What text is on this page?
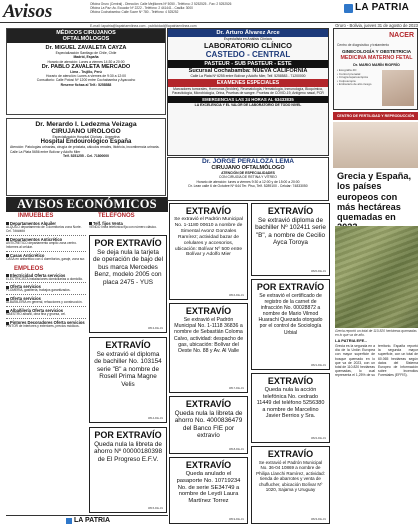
Avisos	Oficina Oruro (Central) - Dirección: Calle Mejillones Nº 5050 - Teléfono: 2 5252525 - Fax: 2 5252526
Oficina La Paz: Av. Ecuador Nº 2222 - Teléfono: 2 441441 - Casilla: 3000
Oficina Cochabamba: Calle Sucre Nº 780 - Teléfono: 4 525252	LA PATRIA
E-mail: lapatria@lapatriaenlinea.com - publicidad@lapatriaenlinea.com	Oruro - Bolivia, jueves 31 de agosto de 2023
MÉDICOS CIRUJANOS
OFTALMÓLOGOS
Dr. MIGUEL ZAVALETA CAYZA
Especialización Santiago de Chile, Chile
Madrid, España
Horario de atención: Lunes a viernes 14:30 a 20:00
Dr. PABLO ZAVALETA MERCADO
Lima - Trujillo, Perú
Horario de atención: Lunes a viernes de 9:30 a 12:00
Consultorio: Calle Potosí Nº 1200 entre Cochabamba y Ayacucho
Reserve fichas al Telf.: 5258588
Dr. Merardo I. Ledezma Veizaga
CIRUJANO UROLOGO
Especialización Hospital Clínicas - Argentina
Hospital Endourológico España
Atención: Patologías urinarias, cirugía de próstata, cálculos renales, litotricia, incontinencia urinaria. Calle La Plata 5656 entre Bolívar y Adolfo Mier
Telf. 5251255 - Cel. 71800000
AVISOS ECONÓMICOS
INMUEBLES	TELÉFONOS
Departamentos Alquiler
ALQUILO departamento de 3 dormitorios zona Norte. Cel. 7######
Departamentos Anticrético
ANTICRÉTICO departamento amplio zona centro. Informes al celular.
Casas Anticrético
CASA en anticrético con 4 dormitorios, garaje, zona sur.
EMPLEOS
Electricidad Oferta servicios
ELECTRICISTA instalaciones domiciliarias a domicilio.
Oferta servicios
PLOMERÍA, gasfitería, trabajos garantizados.
Oferta servicios
ALBAÑILERÍA en general, refacciones y construcción.
Albañilería Oferta servicios
MAESTRO albañil, obra fina y gruesa, cel.
Pintores Decoradores Oferta servicios
PINTOR de interiores y exteriores, precios módicos.
Telf. fijos Venta
VENDO línea telefónica fija con número clásico.
POR EXTRAVÍO
Se deja nula la tarjeta de operación de bajo del bus marca Mercedes Benz, modelo 2005 con placa 2475 - YUS
3813-DE-31
EXTRAVÍO
Se extravió el diploma de bachiller No. 103154 serie "B" a nombre de Rosell Prima Magne Velis
3814-DE-31
POR EXTRAVÍO
Queda nula la libreta de ahorro Nº 00000180398 de El Progreso E.F.V.
3815-DE-31
Dr. Arturo Álvarez Arce
Especialista en Análisis Clínicos
LABORATORIO CLÍNICO
CASTEDO - CENTRAL
PASTEUR - SUB PASTEUR - ESTE
Sucursal Cochabamba: NUEVA CALIFORNIA
Calle La Plata Nº 6255 entre Bolívar y Adolfo Mier, Telf. 5258583 - 71200000
EXAMENES ESPECIALES
Marcadores tumorales, Hormonas (tiroides), Reumatología, Hematología, Inmunología, Bioquímica, Parasitología, Microbiología, Orina, Pruebas de sangre. Pruebas de COVID-19, Antígeno nasal, PCR
EMERGENCIAS LAS 24 HORAS AL 63433835
LA EXCELENCIA Y EL VALOR DE LABORATORIO DE TODO NIVEL
Dr. JORGE PERALOZA LEMA
CIRUJANO OFTALMÓLOGO
ATENCIÓN DE ESPECIALIDADES
CON CIRUGÍA DE RETINA Y VÍTREO
Horario de atención: lunes a viernes 9:30 a 12:00 y de 15:00 a 20:00
Dr. Lean calle 6 de Octubre Nº 644 Ter. Piso, Telf. 5289100 - Celular: 74833050
EXTRAVÍO
Se extravió el Padrón Municipal No. 1-1180 00610 a nombre de Simental Avonz Gonzales Ramírez; actividad bazar de celulares y accesorios, ubicación: Bolívar Nº 500 entre Bolívar y Adolfo Mier
3816-DE-31
EXTRAVÍO
Se extravió el Padrón Municipal No. 1-1118 36836 a nombre de Sebastián Coloma Calvo, actividad: despacho de gas, ubicación: Bolívar del Oeste No. 88 y Av. Al Valle
3817-DE-31
EXTRAVÍO
Queda nula la libreta de ahorro No. 4000836479 del Banco FIE por extravío
3818-DE-31
EXTRAVÍO
Queda anulado el pasaporte No. 10719234 No. de serie SE34749 a nombre de Leydi Laura Martínez Torrez
3819-DE-31
EXTRAVÍO
Se extravió diploma de bachiller Nº 102411 serie "B", a nombre de Cecilio Ayca Toroya
3820-DE-31
POR EXTRAVÍO
Se extravió el certificado de registro de la carnet de infracción No. 00028872 a nombre de Mario Vilmod Huarachi Quezada otorgado por el control de Sociología Urbial
3821-DE-31
EXTRAVÍO
Queda nula la acción telefónica No. cedrado 11449 del teléfono 5256380 a nombre de Marcelino Javier Berrios y Sra.
3822-DE-31
EXTRAVÍO
Se extravió el Padrón Municipal No. 36-04 10869 a nombre de Philipa Llanchi Ramírez, actividad: tienda de abarrotes y venta de chuflucher, ubicación Bolívar Nº 1020, Sajama y Uruguay
3823-DE-31
NACER
Centro de diagnóstico y tratamiento
GINECOLOGÍA Y OBSTETRICIA
MEDICINA MATERNO FETAL
Dr. MARIO MARÍN RIOFRÍO
• Ecografía 4D
• Control prenatal
• Cirugía laparoscópica
• Colposcopía
• Embarazo de alto riesgo
CENTRO DE FERTILIDAD Y REPRODUCCIÓN
Grecia y España, los países europeos con más hectáreas quemadas en
Grecia reportó un total de 110.820 hectáreas quemadas en lo que va de año.
LA PATRIA EFE.-
Grecia es la segunda en a día de la Unión Europea con mayor superficie de bosque quemado en lo que va de 2023, con un total de 110.820 hectáreas quemadas, lo cual representa el 1,25% de su territorio. España reportó la segunda mayor superficie, con un total de 60.065 hectáreas según datos del Sistema Europeo de Información sobre Incendios Forestales (EFFIS).
LA PATRIA
